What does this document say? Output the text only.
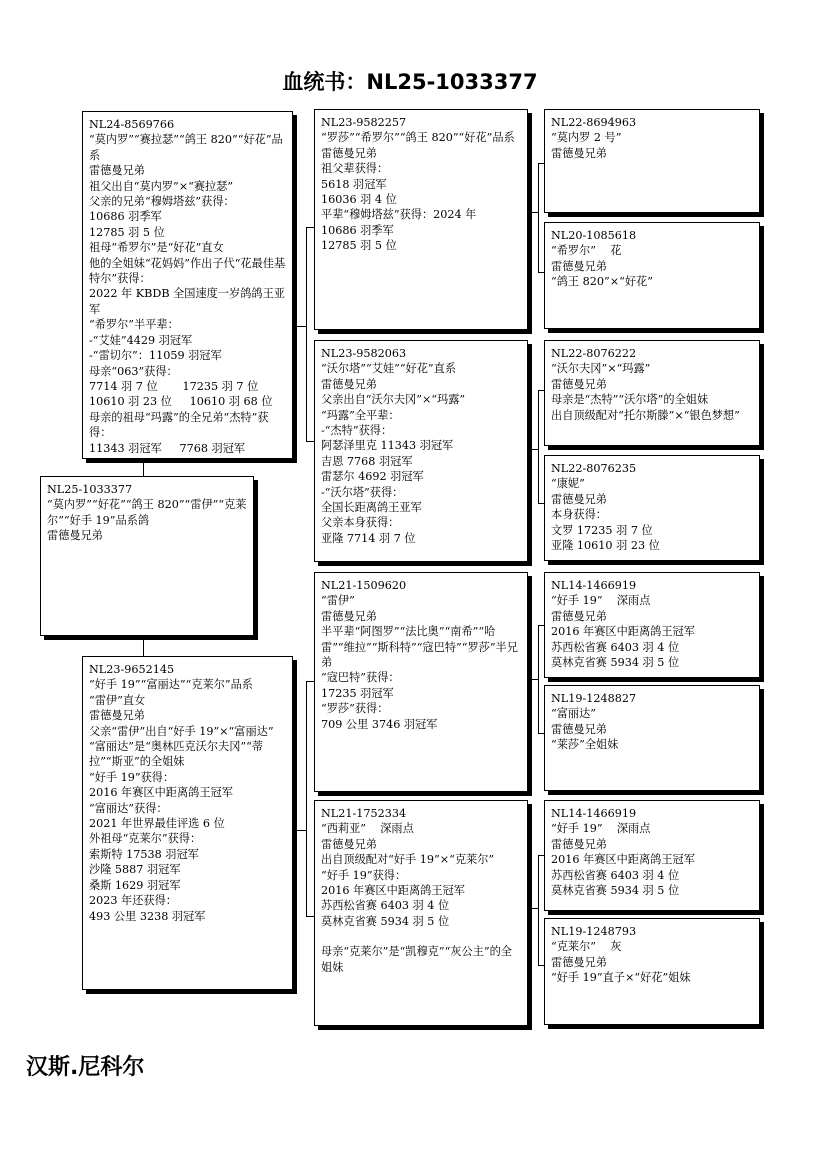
血统书：NL25-1033377
NL25-1033377
“莫内罗”“好花”“鸽王 820”“雷伊”“克莱尔”“好手 19”品系鸽
雷德曼兄弟
NL24-8569766
“莫内罗”“赛拉瑟”“鸽王 820”“好花”品系
雷德曼兄弟
祖父出自“莫内罗”×“赛拉瑟”
父亲的兄弟“穆姆塔兹”获得：
10686 羽季军
12785 羽 5 位
祖母“希罗尔”是“好花”直女
他的全姐妹“花妈妈”作出子代“花最佳基特尔”获得：
2022 年 KBDB 全国速度一岁鸽鸽王亚军
“希罗尔”半平辈：
-“艾娃”4429 羽冠军
-“雷切尔”：11059 羽冠军
母亲“063”获得：
7714 羽 7 位       17235 羽 7 位
10610 羽 23 位     10610 羽 68 位
母亲的祖母“玛露”的全兄弟“杰特”获得：
11343 羽冠军     7768 羽冠军
NL23-9652145
“好手 19”“富丽达”“克莱尔”品系
“雷伊”直女
雷德曼兄弟
父亲“雷伊”出自“好手 19”×“富丽达”
“富丽达”是“奥林匹克沃尔夫冈”“蒂拉”“斯亚”的全姐妹
“好手 19”获得：
2016 年赛区中距离鸽王冠军
“富丽达”获得：
2021 年世界最佳评选 6 位
外祖母“克莱尔”获得：
索斯特 17538 羽冠军
沙隆 5887 羽冠军
桑斯 1629 羽冠军
2023 年还获得：
493 公里 3238 羽冠军
NL23-9582257
“罗莎”“希罗尔”“鸽王 820”“好花”品系
雷德曼兄弟
祖父辈获得：
5618 羽冠军
16036 羽 4 位
平辈“穆姆塔兹”获得：2024 年
10686 羽季军
12785 羽 5 位
NL23-9582063
“沃尔塔”“艾娃”“好花”直系
雷德曼兄弟
父亲出自“沃尔夫冈”×“玛露”
“玛露”全平辈：
-“杰特”获得：
阿瑟泽里克 11343 羽冠军
吉恩 7768 羽冠军
雷瑟尔 4692 羽冠军
-“沃尔塔”获得：
全国长距离鸽王亚军
父亲本身获得：
亚隆 7714 羽 7 位
NL21-1509620
“雷伊”
雷德曼兄弟
半平辈“阿图罗”“法比奥”“南希”“哈雷”“维拉”“斯科特”“寇巴特”“罗莎”半兄弟
“寇巴特”获得：
17235 羽冠军
“罗莎”获得：
709 公里 3746 羽冠军
NL21-1752334
“西莉亚”    深雨点
雷德曼兄弟
出自顶级配对“好手 19”×“克莱尔”
“好手 19”获得：
2016 年赛区中距离鸽王冠军
苏西松省赛 6403 羽 4 位
莫林克省赛 5934 羽 5 位
母亲“克莱尔”是“凯穆克”“灰公主”的全姐妹
NL22-8694963
“莫内罗 2 号”
雷德曼兄弟
NL20-1085618
“希罗尔”    花
雷德曼兄弟
“鸽王 820”×“好花”
NL22-8076222
“沃尔夫冈”×“玛露”
雷德曼兄弟
母亲是“杰特”“沃尔塔”的全姐妹
出自顶级配对“托尔斯滕”×“银色梦想”
NL22-8076235
“康妮”
雷德曼兄弟
本身获得：
文罗 17235 羽 7 位
亚隆 10610 羽 23 位
NL14-1466919
“好手 19”    深雨点
雷德曼兄弟
2016 年赛区中距离鸽王冠军
苏西松省赛 6403 羽 4 位
莫林克省赛 5934 羽 5 位
NL19-1248827
“富丽达”
雷德曼兄弟
“莱莎”全姐妹
NL14-1466919
“好手 19”    深雨点
雷德曼兄弟
2016 年赛区中距离鸽王冠军
苏西松省赛 6403 羽 4 位
莫林克省赛 5934 羽 5 位
NL19-1248793
“克莱尔”    灰
雷德曼兄弟
“好手 19”直子×“好花”姐妹
汉斯.尼科尔
